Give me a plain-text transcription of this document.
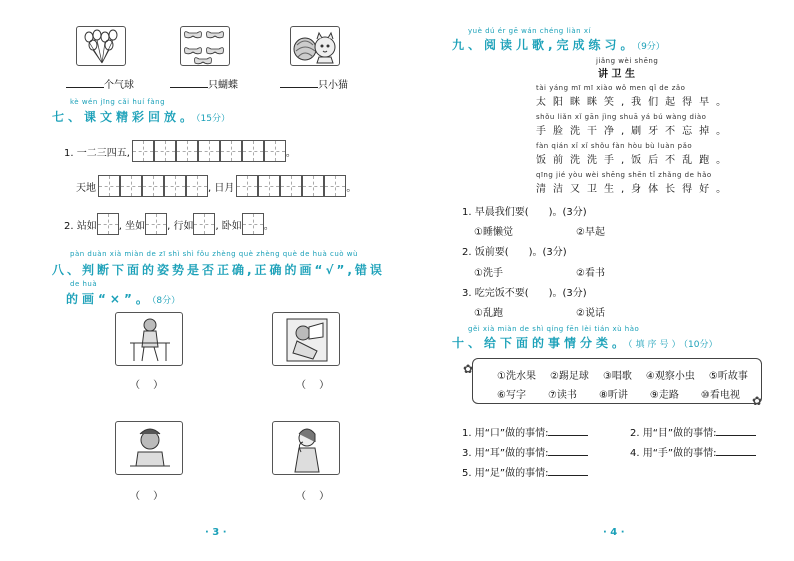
个气球	只蝴蝶	只小猫
kè wén jīng cǎi huí fàng
七、课文精彩回放。（15分）
1. 一二三四五,	。
天地	, 日月	。
2. 站如 , 坐如 , 行如 , 卧如 。
pàn duàn xià miàn de zī shì shì fǒu zhèng què zhèng què de huà cuò wù
八、判断下面的姿势是否正确,正确的画“√”,错误
de huà
的画“×”。（8分）
（　 ）	（　 ）
（　 ）	（　 ）
· 3 ·
yuè dú ér gē wán chéng liàn xí
九、阅读儿歌,完成练习。（9分）
jiǎng wèi shēng
讲 卫 生
tài yáng mī mī xiào wǒ men qǐ de zǎo
太阳眯眯笑,我们起得早。
shǒu liǎn xǐ gān jìng shuā yá bú wàng diào
手脸洗干净,刷牙不忘掉。
fàn qián xǐ xǐ shǒu fàn hòu bù luàn pǎo
饭前洗洗手,饭后不乱跑。
qīng jié yòu wèi shēng shēn tǐ zhǎng de hǎo
清洁又卫生,身体长得好。
1. 早晨我们要(　　)。(3分)
①睡懒觉	②早起
2. 饭前要(　　)。(3分)
①洗手	②看书
3. 吃完饭不要(　　)。(3分)
①乱跑	②说话
gěi xià miàn de shì qíng fēn lèi tián xù hào
十、给下面的事情分类。（填序号）（10分）
①洗水果 ②踢足球 ③唱歌 ④观察小虫 ⑤听故事
⑥写字 ⑦读书 ⑧听讲 ⑨走路 ⑩看电视
✿
✿
1. 用“口”做的事情:	2. 用“目”做的事情:
3. 用“耳”做的事情:	4. 用“手”做的事情:
5. 用“足”做的事情:
· 4 ·
